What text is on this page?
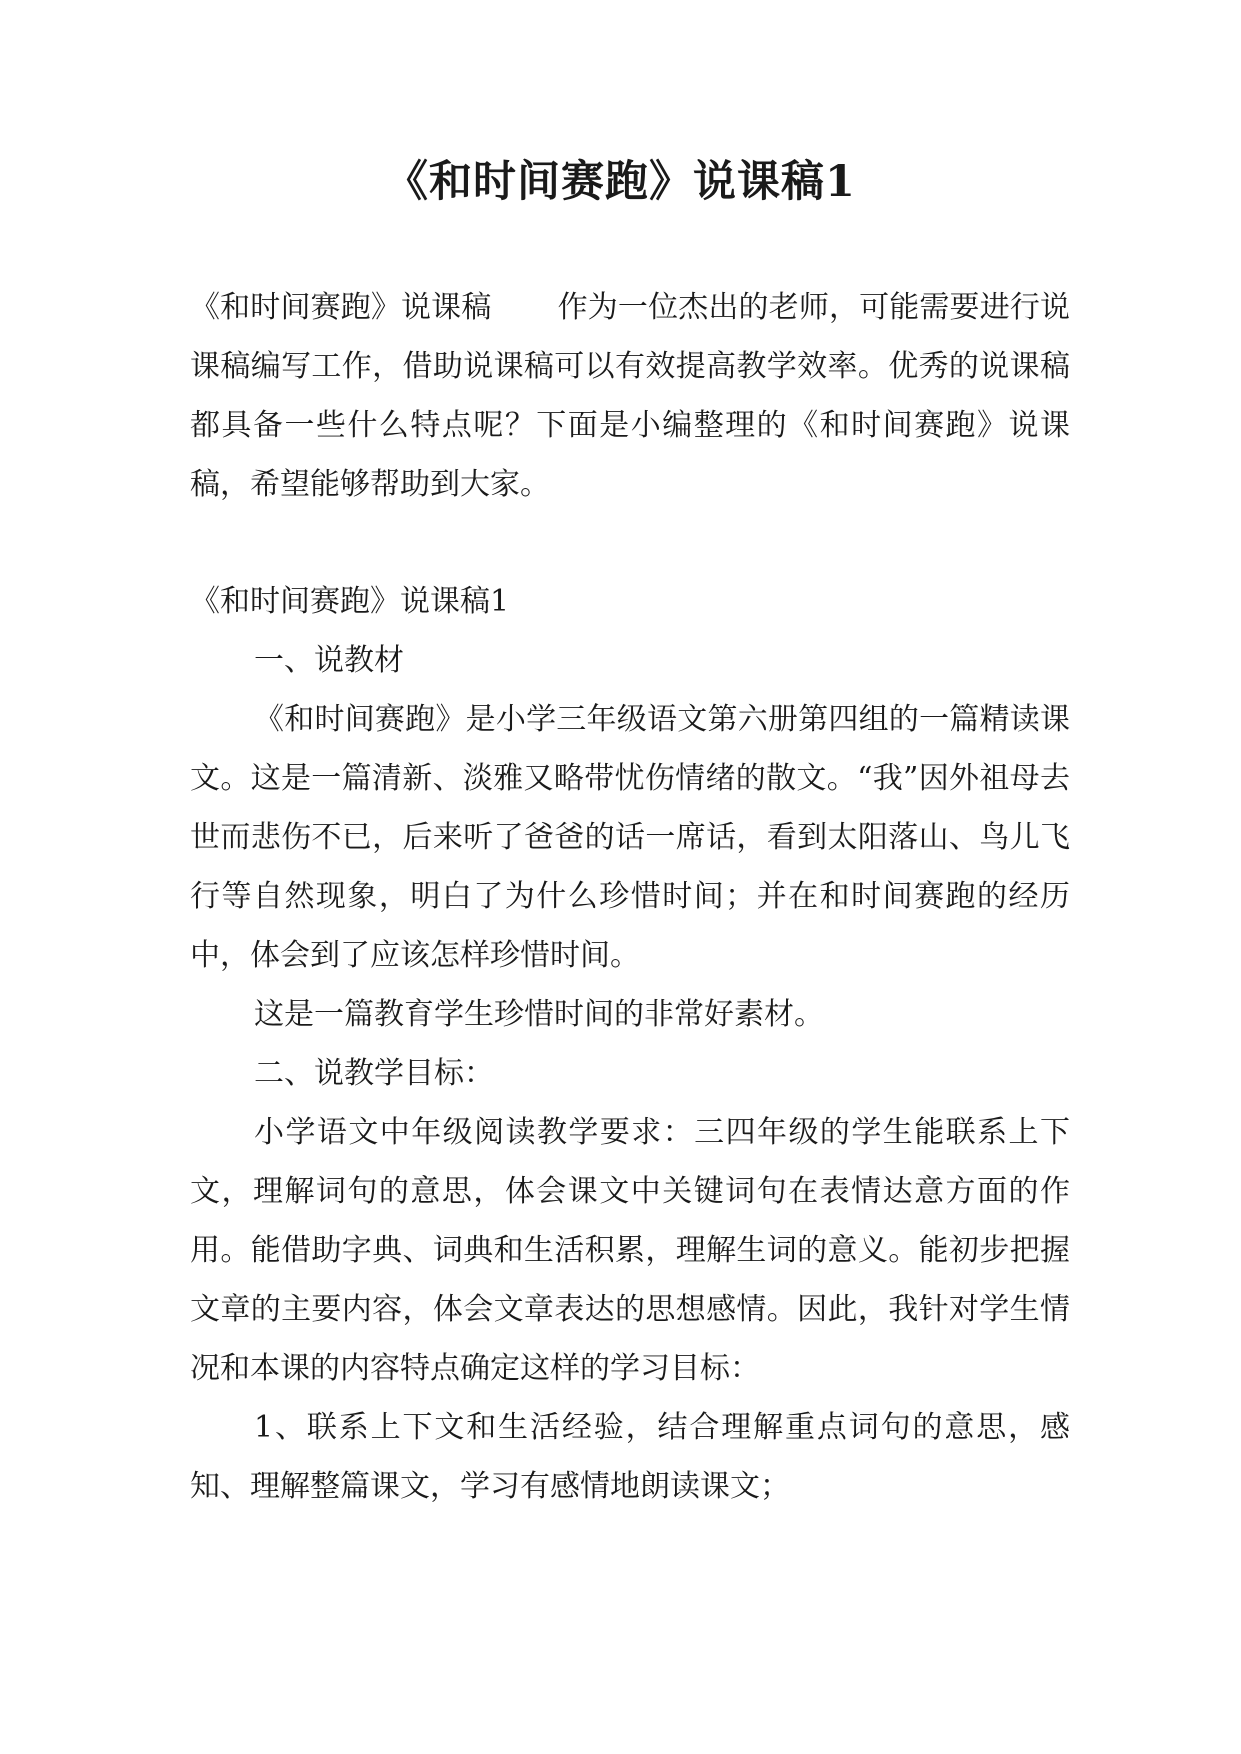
《和时间赛跑》说课稿1

《和时间赛跑》说课稿 作为一位杰出的老师，可能需要进行说课稿编写工作，借助说课稿可以有效提高教学效率。优秀的说课稿都具备一些什么特点呢？下面是小编整理的《和时间赛跑》说课稿，希望能够帮助到大家。

《和时间赛跑》说课稿1

一、说教材

《和时间赛跑》是小学三年级语文第六册第四组的一篇精读课文。这是一篇清新、淡雅又略带忧伤情绪的散文。“我”因外祖母去世而悲伤不已，后来听了爸爸的话一席话，看到太阳落山、鸟儿飞行等自然现象，明白了为什么珍惜时间；并在和时间赛跑的经历中，体会到了应该怎样珍惜时间。

这是一篇教育学生珍惜时间的非常好素材。

二、说教学目标：

小学语文中年级阅读教学要求：三四年级的学生能联系上下文，理解词句的意思，体会课文中关键词句在表情达意方面的作用。能借助字典、词典和生活积累，理解生词的意义。能初步把握文章的主要内容，体会文章表达的思想感情。因此，我针对学生情况和本课的内容特点确定这样的学习目标：

1、联系上下文和生活经验，结合理解重点词句的意思，感知、理解整篇课文，学习有感情地朗读课文；
